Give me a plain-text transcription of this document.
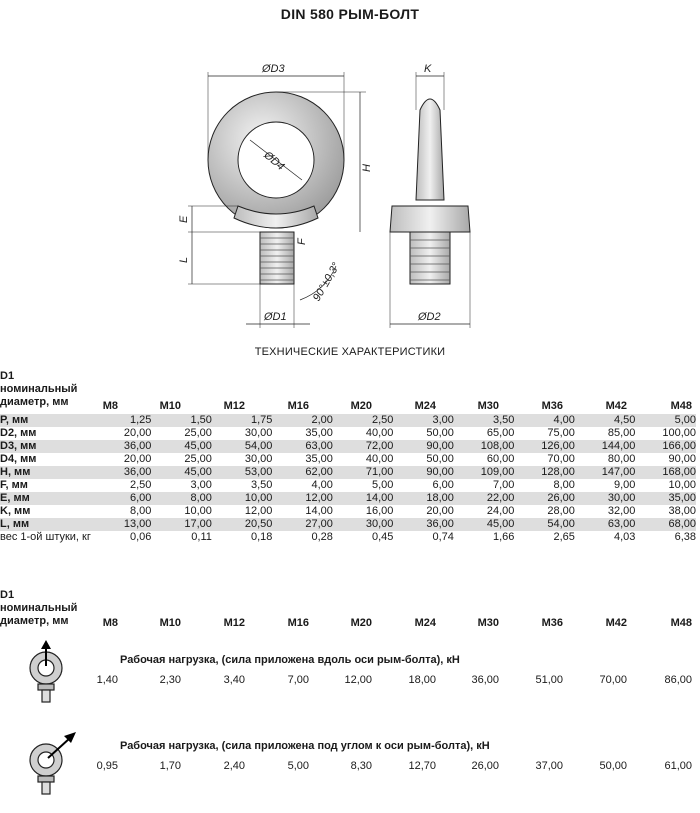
DIN 580 РЫМ-БОЛТ
ØD3
ØD4
K
H
E
L
F
90°±0,3°
ØD1	ØD2
ТЕХНИЧЕСКИЕ ХАРАКТЕРИСТИКИ
D1
номинальный
диаметр, мм	M8	M10	M12	M16	M20	M24	M30	M36	M42	M48
P, мм	1,25	1,50	1,75	2,00	2,50	3,00	3,50	4,00	4,50	5,00
D2, мм	20,00	25,00	30,00	35,00	40,00	50,00	65,00	75,00	85,00	100,00
D3, мм	36,00	45,00	54,00	63,00	72,00	90,00	108,00	126,00	144,00	166,00
D4, мм	20,00	25,00	30,00	35,00	40,00	50,00	60,00	70,00	80,00	90,00
H, мм	36,00	45,00	53,00	62,00	71,00	90,00	109,00	128,00	147,00	168,00
F, мм	2,50	3,00	3,50	4,00	5,00	6,00	7,00	8,00	9,00	10,00
E, мм	6,00	8,00	10,00	12,00	14,00	18,00	22,00	26,00	30,00	35,00
K, мм	8,00	10,00	12,00	14,00	16,00	20,00	24,00	28,00	32,00	38,00
L, мм	13,00	17,00	20,50	27,00	30,00	36,00	45,00	54,00	63,00	68,00
вес 1-ой штуки, кг	0,06	0,11	0,18	0,28	0,45	0,74	1,66	2,65	4,03	6,38
D1
номинальный
диаметр, мм	M8	M10	M12	M16	M20	M24	M30	M36	M42	M48
Рабочая нагрузка, (сила приложена вдоль оси рым-болта), кН
1,40	2,30	3,40	7,00	12,00	18,00	36,00	51,00	70,00	86,00
Рабочая нагрузка, (сила приложена под углом к оси рым-болта), кН
0,95	1,70	2,40	5,00	8,30	12,70	26,00	37,00	50,00	61,00
